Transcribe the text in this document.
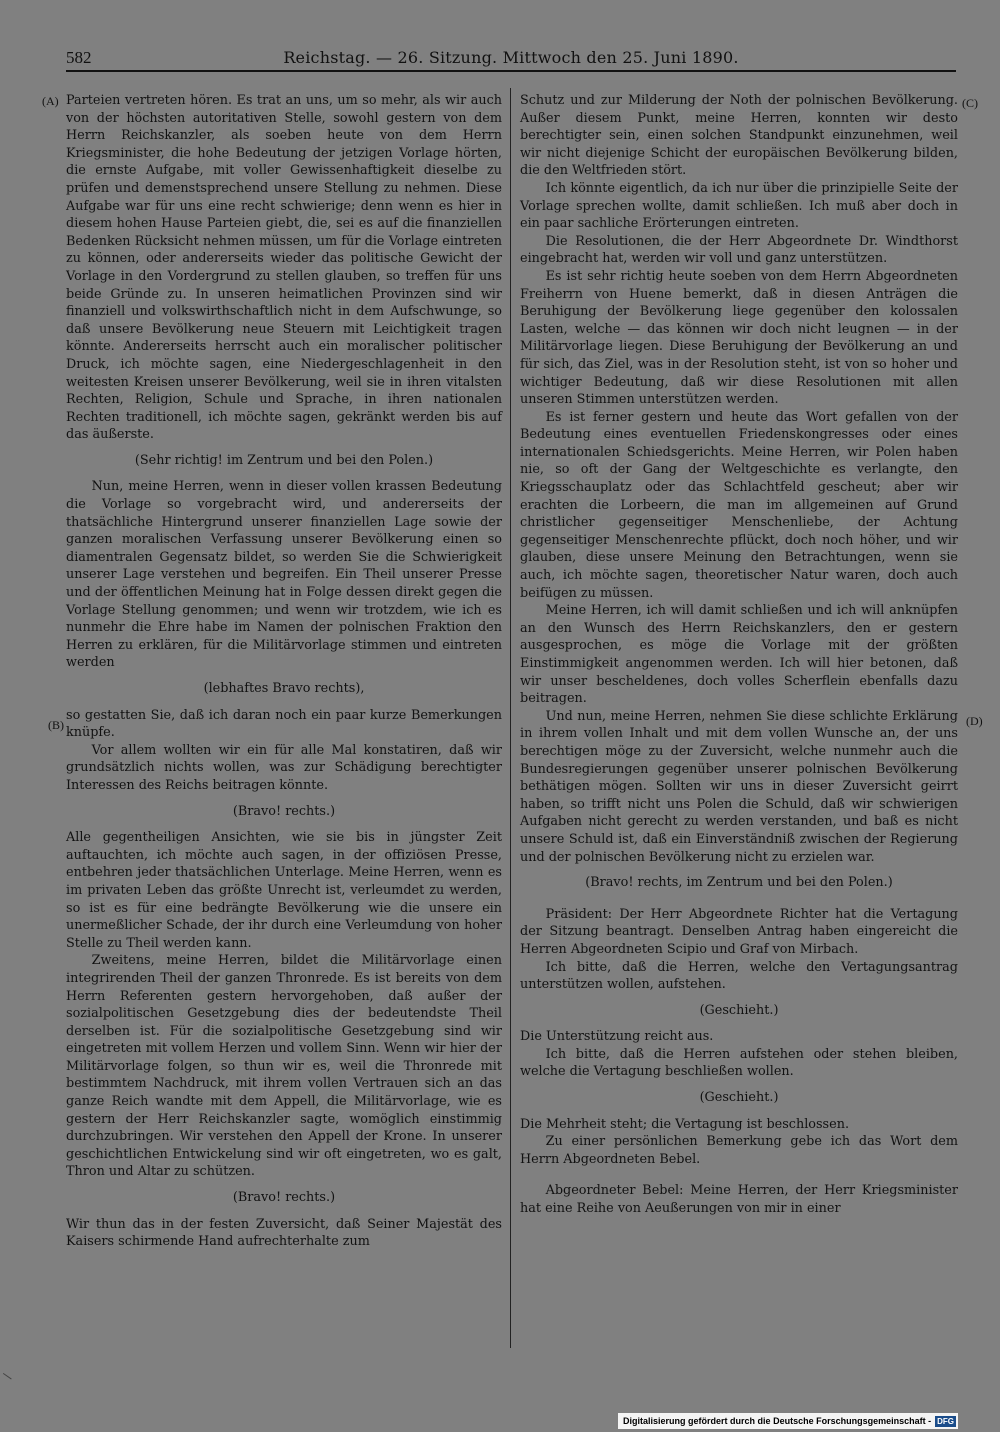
582	Reichstag. — 26. Sitzung. Mittwoch den 25. Juni 1890.
(A)
(B)
(C)
(D)

Parteien vertreten hören. Es trat an uns, um so mehr, als wir auch von der höchsten autoritativen Stelle, sowohl gestern von dem Herrn Reichskanzler, als soeben heute von dem Herrn Kriegsminister, die hohe Bedeutung der jetzigen Vorlage hörten, die ernste Aufgabe, mit voller Gewissenhaftigkeit dieselbe zu prüfen und demenstsprechend unsere Stellung zu nehmen. Diese Aufgabe war für uns eine recht schwierige; denn wenn es hier in diesem hohen Hause Parteien giebt, die, sei es auf die finanziellen Bedenken Rücksicht nehmen müssen, um für die Vorlage eintreten zu können, oder andererseits wieder das politische Gewicht der Vorlage in den Vordergrund zu stellen glauben, so treffen für uns beide Gründe zu. In unseren heimatlichen Provinzen sind wir finanziell und volkswirthschaftlich nicht in dem Aufschwunge, so daß unsere Bevölkerung neue Steuern mit Leichtigkeit tragen könnte. Andererseits herrscht auch ein moralischer politischer Druck, ich möchte sagen, eine Niedergeschlagenheit in den weitesten Kreisen unserer Bevölkerung, weil sie in ihren vitalsten Rechten, Religion, Schule und Sprache, in ihren nationalen Rechten traditionell, ich möchte sagen, gekränkt werden bis auf das äußerste.

(Sehr richtig! im Zentrum und bei den Polen.)

Nun, meine Herren, wenn in dieser vollen krassen Bedeutung die Vorlage so vorgebracht wird, und andererseits der thatsächliche Hintergrund unserer finanziellen Lage sowie der ganzen moralischen Verfassung unserer Bevölkerung einen so diamentralen Gegensatz bildet, so werden Sie die Schwierigkeit unserer Lage verstehen und begreifen. Ein Theil unserer Presse und der öffentlichen Meinung hat in Folge dessen direkt gegen die Vorlage Stellung genommen; und wenn wir trotzdem, wie ich es nunmehr die Ehre habe im Namen der polnischen Fraktion den Herren zu erklären, für die Militärvorlage stimmen und eintreten werden

(lebhaftes Bravo rechts),

so gestatten Sie, daß ich daran noch ein paar kurze Bemerkungen knüpfe.

Vor allem wollten wir ein für alle Mal konstatiren, daß wir grundsätzlich nichts wollen, was zur Schädigung berechtigter Interessen des Reichs beitragen könnte.

(Bravo! rechts.)

Alle gegentheiligen Ansichten, wie sie bis in jüngster Zeit auftauchten, ich möchte auch sagen, in der offiziösen Presse, entbehren jeder thatsächlichen Unterlage. Meine Herren, wenn es im privaten Leben das größte Unrecht ist, verleumdet zu werden, so ist es für eine bedrängte Bevölkerung wie die unsere ein unermeßlicher Schade, der ihr durch eine Verleumdung von hoher Stelle zu Theil werden kann.

Zweitens, meine Herren, bildet die Militärvorlage einen integrirenden Theil der ganzen Thronrede. Es ist bereits von dem Herrn Referenten gestern hervorgehoben, daß außer der sozialpolitischen Gesetzgebung dies der bedeutendste Theil derselben ist. Für die sozialpolitische Gesetzgebung sind wir eingetreten mit vollem Herzen und vollem Sinn. Wenn wir hier der Militärvorlage folgen, so thun wir es, weil die Thronrede mit bestimmtem Nachdruck, mit ihrem vollen Vertrauen sich an das ganze Reich wandte mit dem Appell, die Militärvorlage, wie es gestern der Herr Reichskanzler sagte, womöglich einstimmig durchzubringen. Wir verstehen den Appell der Krone. In unserer geschichtlichen Entwickelung sind wir oft eingetreten, wo es galt, Thron und Altar zu schützen.

(Bravo! rechts.)

Wir thun das in der festen Zuversicht, daß Seiner Majestät des Kaisers schirmende Hand aufrechterhalte zum

Schutz und zur Milderung der Noth der polnischen Bevölkerung. Außer diesem Punkt, meine Herren, konnten wir desto berechtigter sein, einen solchen Standpunkt einzunehmen, weil wir nicht diejenige Schicht der europäischen Bevölkerung bilden, die den Weltfrieden stört.

Ich könnte eigentlich, da ich nur über die prinzipielle Seite der Vorlage sprechen wollte, damit schließen. Ich muß aber doch in ein paar sachliche Erörterungen eintreten.

Die Resolutionen, die der Herr Abgeordnete Dr. Windthorst eingebracht hat, werden wir voll und ganz unterstützen.

Es ist sehr richtig heute soeben von dem Herrn Abgeordneten Freiherrn von Huene bemerkt, daß in diesen Anträgen die Beruhigung der Bevölkerung liege gegenüber den kolossalen Lasten, welche — das können wir doch nicht leugnen — in der Militärvorlage liegen. Diese Beruhigung der Bevölkerung an und für sich, das Ziel, was in der Resolution steht, ist von so hoher und wichtiger Bedeutung, daß wir diese Resolutionen mit allen unseren Stimmen unterstützen werden.

Es ist ferner gestern und heute das Wort gefallen von der Bedeutung eines eventuellen Friedenskongresses oder eines internationalen Schiedsgerichts. Meine Herren, wir Polen haben nie, so oft der Gang der Weltgeschichte es verlangte, den Kriegsschauplatz oder das Schlachtfeld gescheut; aber wir erachten die Lorbeern, die man im allgemeinen auf Grund christlicher gegenseitiger Menschenliebe, der Achtung gegenseitiger Menschenrechte pflückt, doch noch höher, und wir glauben, diese unsere Meinung den Betrachtungen, wenn sie auch, ich möchte sagen, theoretischer Natur waren, doch auch beifügen zu müssen.

Meine Herren, ich will damit schließen und ich will anknüpfen an den Wunsch des Herrn Reichskanzlers, den er gestern ausgesprochen, es möge die Vorlage mit der größten Einstimmigkeit angenommen werden. Ich will hier betonen, daß wir unser bescheldenes, doch volles Scherflein ebenfalls dazu beitragen.

Und nun, meine Herren, nehmen Sie diese schlichte Erklärung in ihrem vollen Inhalt und mit dem vollen Wunsche an, der uns berechtigen möge zu der Zuversicht, welche nunmehr auch die Bundesregierungen gegenüber unserer polnischen Bevölkerung bethätigen mögen. Sollten wir uns in dieser Zuversicht geirrt haben, so trifft nicht uns Polen die Schuld, daß wir schwierigen Aufgaben nicht gerecht zu werden verstanden, und baß es nicht unsere Schuld ist, daß ein Einverständniß zwischen der Regierung und der polnischen Bevölkerung nicht zu erzielen war.

(Bravo! rechts, im Zentrum und bei den Polen.)

Präsident: Der Herr Abgeordnete Richter hat die Vertagung der Sitzung beantragt. Denselben Antrag haben eingereicht die Herren Abgeordneten Scipio und Graf von Mirbach.

Ich bitte, daß die Herren, welche den Vertagungsantrag unterstützen wollen, aufstehen.

(Geschieht.)

Die Unterstützung reicht aus.

Ich bitte, daß die Herren aufstehen oder stehen bleiben, welche die Vertagung beschließen wollen.

(Geschieht.)

Die Mehrheit steht; die Vertagung ist beschlossen.

Zu einer persönlichen Bemerkung gebe ich das Wort dem Herrn Abgeordneten Bebel.

Abgeordneter Bebel: Meine Herren, der Herr Kriegsminister hat eine Reihe von Aeußerungen von mir in einer

Digitalisierung gefördert durch die Deutsche Forschungsgemeinschaft - DFG
